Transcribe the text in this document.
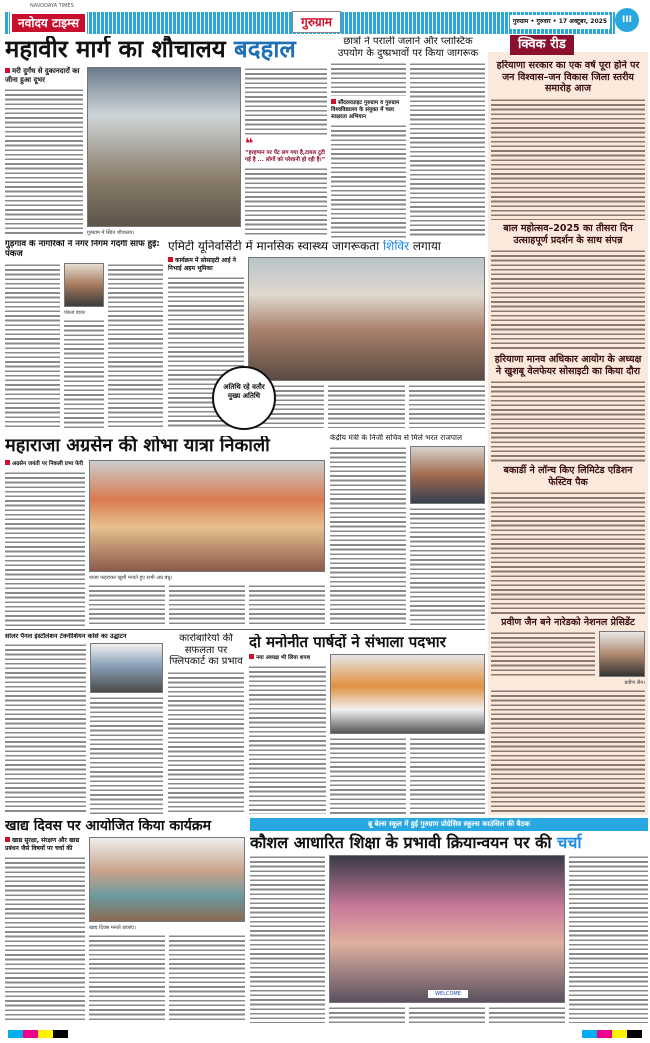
NAVODAYA TIMES
नवोदय टाइम्स	गुरुग्राम	गुरुग्राम • गुरुवार • 17 अक्टूबर, 2025	III
महावीर मार्ग का शौचालय बदहाल
मरी दुर्गंध से दुकानदारों का जीना हुआ दूभर
गुरुग्राम में स्थित शौचालय।
❝
“हरहप्पन पर पेंट लग गया है,टायल टूटी गई है ... लोगों को परेशानी हो रही है।”
छात्रों ने पराली जलाने और प्लास्टिक उपयोग के दुष्प्रभावों पर किया जागरूक
सौंदलरप्राइट गुरुग्राम व गुरुग्राम विश्वविद्यालय के संयुक्त में चला साक्षरता अभियान
क्विक रीड
हरियाणा सरकार का एक वर्ष पूरा होने पर जन विश्वास–जन विकास जिला स्तरीय समारोह आज
बाल महोत्सव–2025 का तीसरा दिन उत्साहपूर्ण प्रदर्शन के साथ संपन्न
हरियाणा मानव अधिकार आयोग के अध्यक्ष ने खुशबू वेलफेयर सोसाइटी का किया दौरा
बकार्डी ने लॉन्च किए लिमिटेड एडिशन फेस्टिव पैक
प्रवीण जैन बने नारेडको नेशनल प्रेसिडेंट
प्रवीण जैन।
गुड़गांव के नागरिकों ने नगर निगम गंदगी साफ हुई: पंकज
पंकज डावर
एमिटी यूनिवर्सिटी में मानसिक स्वास्थ्य जागरूकता शिविर लगाया
कार्यक्रम में सोसाइटी आई ने निभाई अहम भूमिका
अतिथि रहे वतौर मुख्य अतिथि
केंद्रीय मंत्री के निजी सचिव से मिले भरत राजपाल
महाराजा अग्रसेन की शोभा यात्रा निकाली
अग्रसेन जयंती पर निकली प्रभा फेरी
ध्वजा फहराकर खुशी मनाते हुए सभी अग्र बंधु।
सोलर पैनल इंस्टॉलेशन टेक्नीशियन कोर्स का उद्घाटन	कारोबारियों की सफलता पर फ्लिपकार्ट का प्रभाव
दो मनोनीत पार्षदों ने संभाला पदभार
नया अध्यक्ष भी लिया शपथ
खाद्य दिवस पर आयोजित किया कार्यक्रम
खाद्य सुरक्षा, संरक्षण और खाद्य प्रबंधन जैसे विषयों पर चर्चा की
खाद्य दिवस मनाते छात्राएं।
ब्रू बेल्स स्कूल में हुई गुरुग्राम प्रोग्रेसिव स्कूल्स काउंसिल की बैठक
कौशल आधारित शिक्षा के प्रभावी क्रियान्वयन पर की चर्चा
WELCOME
